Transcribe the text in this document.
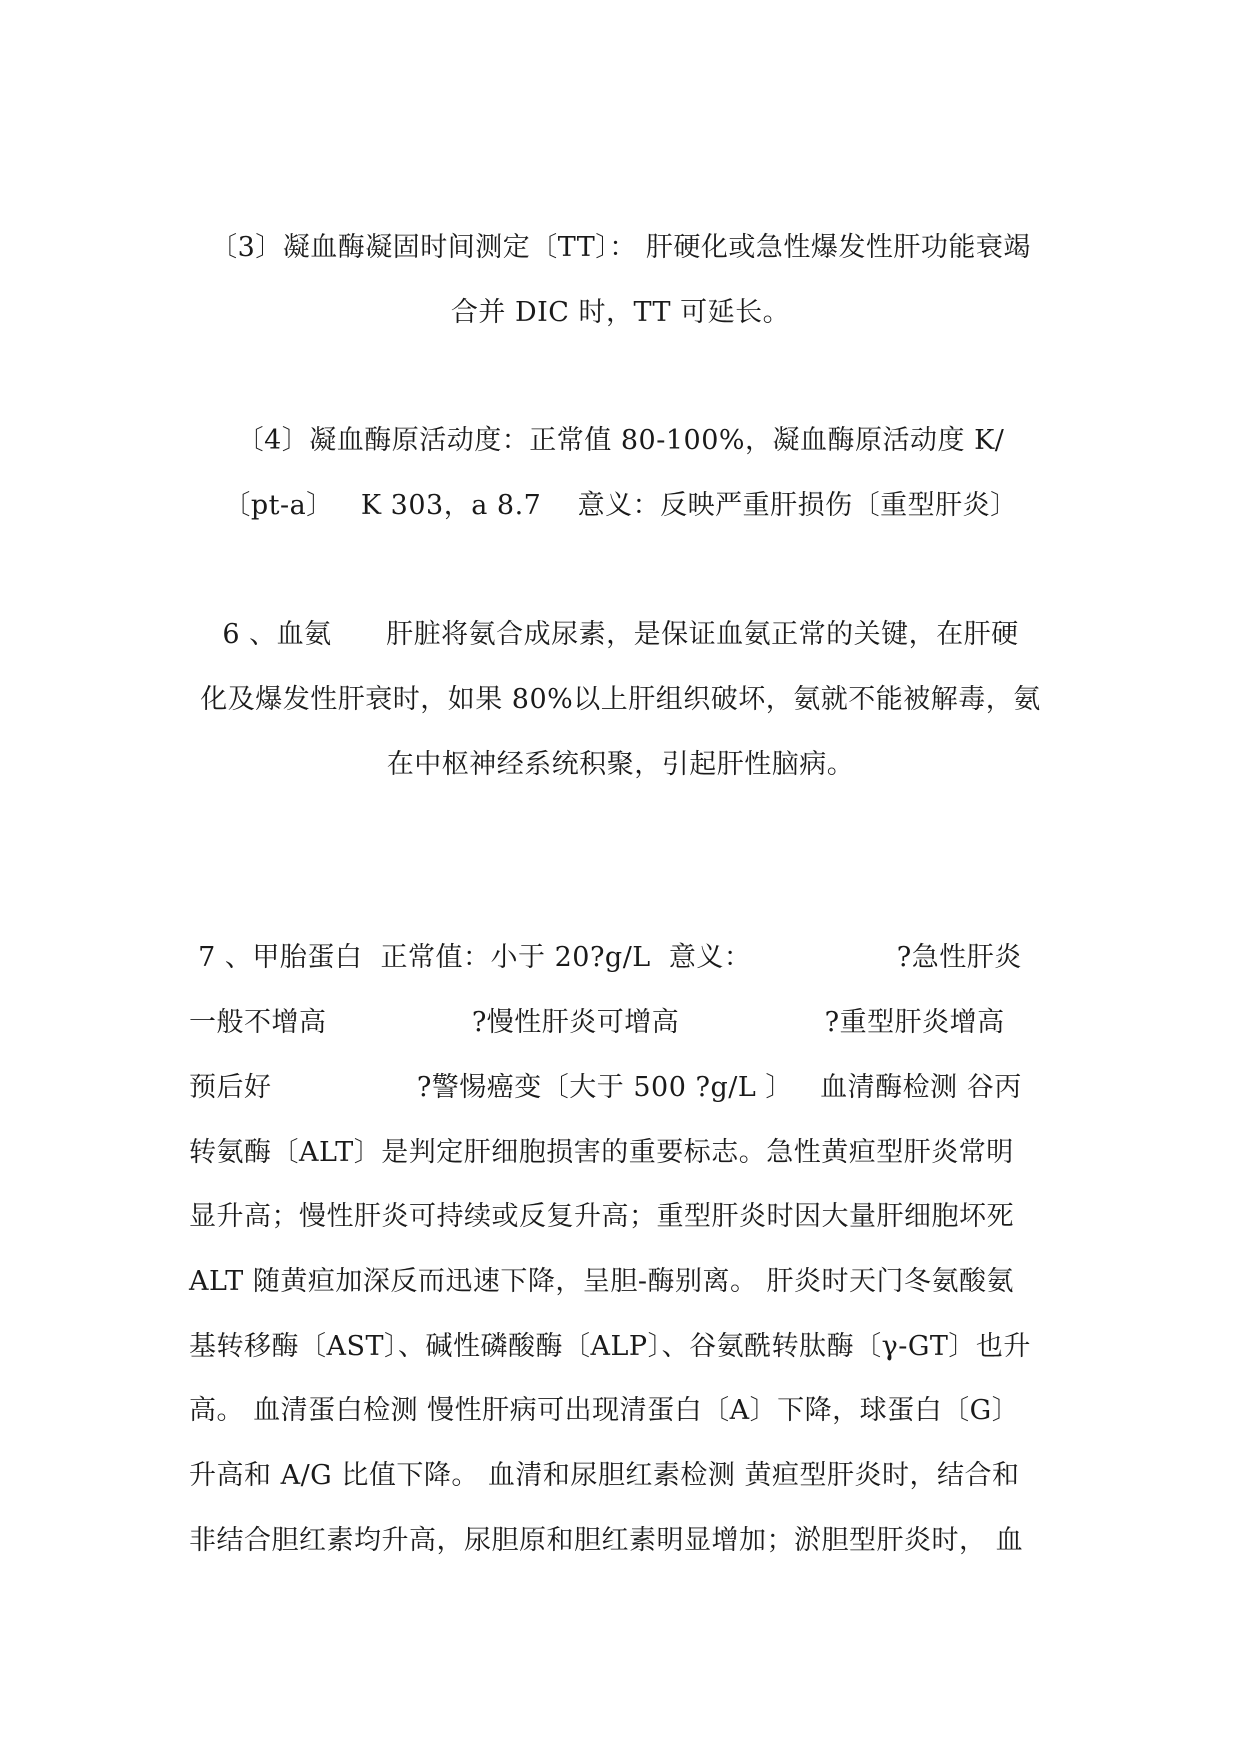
〔3〕凝血酶凝固时间测定〔TT〕： 肝硬化或急性爆发性肝功能衰竭
合并 DIC 时，TT 可延长。
〔4〕凝血酶原活动度：正常值 80-100%，凝血酶原活动度 K/
〔pt-a〕   K 303，a 8.7    意义：反映严重肝损伤〔重型肝炎〕
6 、血氨      肝脏将氨合成尿素，是保证血氨正常的关键，在肝硬
化及爆发性肝衰时，如果 80%以上肝组织破坏，氨就不能被解毒，氨
在中枢神经系统积聚，引起肝性脑病。
7 、甲胎蛋白  正常值：小于 20?g/L  意义：                ?急性肝炎
一般不增高                ?慢性肝炎可增高                ?重型肝炎增高
预后好                ?警惕癌变〔大于 500 ?g/L 〕   血清酶检测 谷丙
转氨酶〔ALT〕是判定肝细胞损害的重要标志。急性黄疸型肝炎常明
显升高；慢性肝炎可持续或反复升高；重型肝炎时因大量肝细胞坏死
ALT 随黄疸加深反而迅速下降，呈胆-酶别离。 肝炎时天门冬氨酸氨
基转移酶〔AST〕、碱性磷酸酶〔ALP〕、谷氨酰转肽酶〔γ-GT〕也升
高。 血清蛋白检测 慢性肝病可出现清蛋白〔A〕下降，球蛋白〔G〕
升高和 A/G 比值下降。 血清和尿胆红素检测 黄疸型肝炎时，结合和
非结合胆红素均升高，尿胆原和胆红素明显增加；淤胆型肝炎时， 血
